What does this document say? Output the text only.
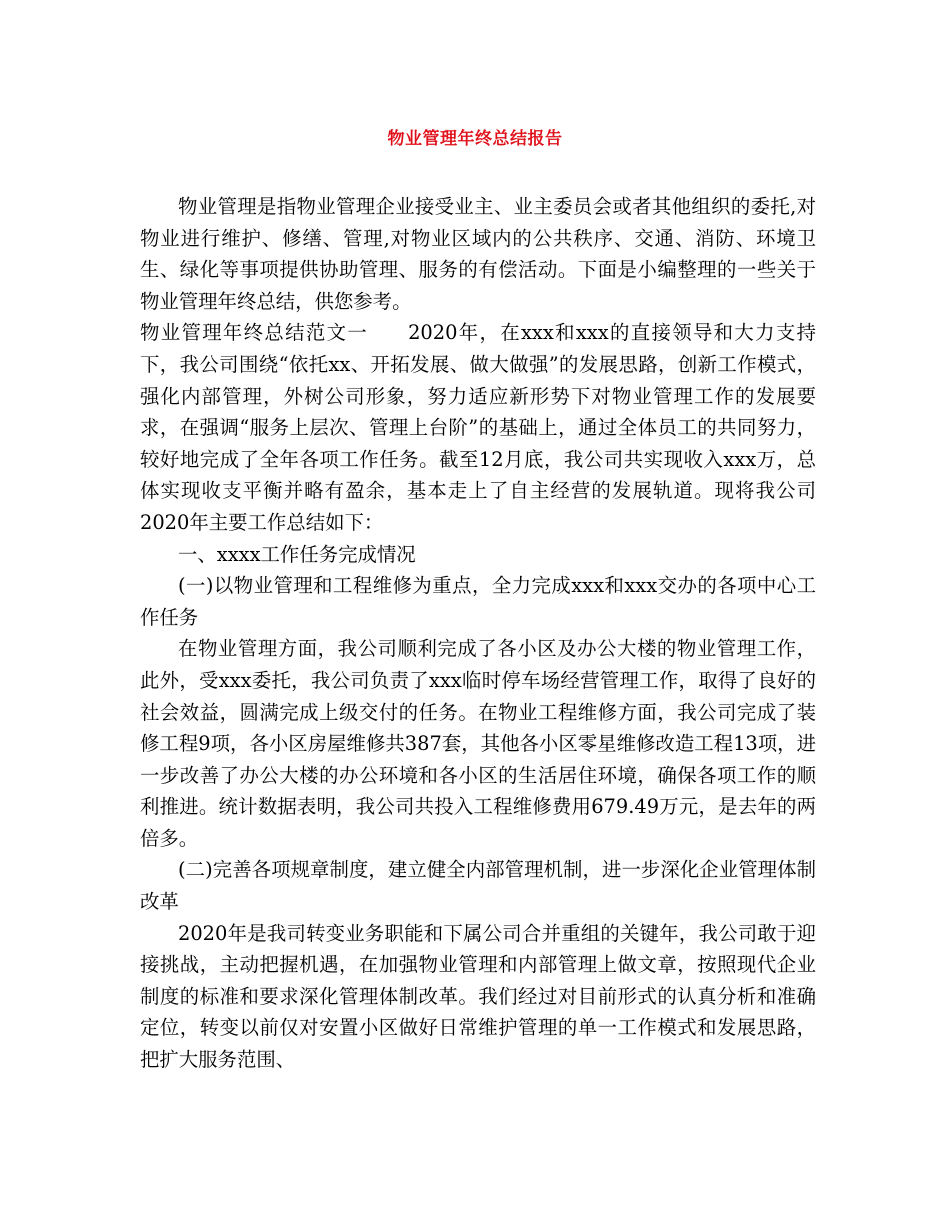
物业管理年终总结报告

物业管理是指物业管理企业接受业主、业主委员会或者其他组织的委托,对物业进行维护、修缮、管理,对物业区域内的公共秩序、交通、消防、环境卫生、绿化等事项提供协助管理、服务的有偿活动。下面是小编整理的一些关于物业管理年终总结，供您参考。

物业管理年终总结范文一 2020年，在xxx和xxx的直接领导和大力支持下，我公司围绕“依托xx、开拓发展、做大做强”的发展思路，创新工作模式，强化内部管理，外树公司形象，努力适应新形势下对物业管理工作的发展要求，在强调“服务上层次、管理上台阶”的基础上，通过全体员工的共同努力，较好地完成了全年各项工作任务。截至12月底，我公司共实现收入xxx万，总体实现收支平衡并略有盈余，基本走上了自主经营的发展轨道。现将我公司2020年主要工作总结如下：

一、xxxx工作任务完成情况

(一)以物业管理和工程维修为重点，全力完成xxx和xxx交办的各项中心工作任务

在物业管理方面，我公司顺利完成了各小区及办公大楼的物业管理工作，此外，受xxx委托，我公司负责了xxx临时停车场经营管理工作，取得了良好的社会效益，圆满完成上级交付的任务。在物业工程维修方面，我公司完成了装修工程9项，各小区房屋维修共387套，其他各小区零星维修改造工程13项，进一步改善了办公大楼的办公环境和各小区的生活居住环境，确保各项工作的顺利推进。统计数据表明，我公司共投入工程维修费用679.49万元，是去年的两倍多。

(二)完善各项规章制度，建立健全内部管理机制，进一步深化企业管理体制改革

2020年是我司转变业务职能和下属公司合并重组的关键年，我公司敢于迎接挑战，主动把握机遇，在加强物业管理和内部管理上做文章，按照现代企业制度的标准和要求深化管理体制改革。我们经过对目前形式的认真分析和准确定位，转变以前仅对安置小区做好日常维护管理的单一工作模式和发展思路，把扩大服务范围、
